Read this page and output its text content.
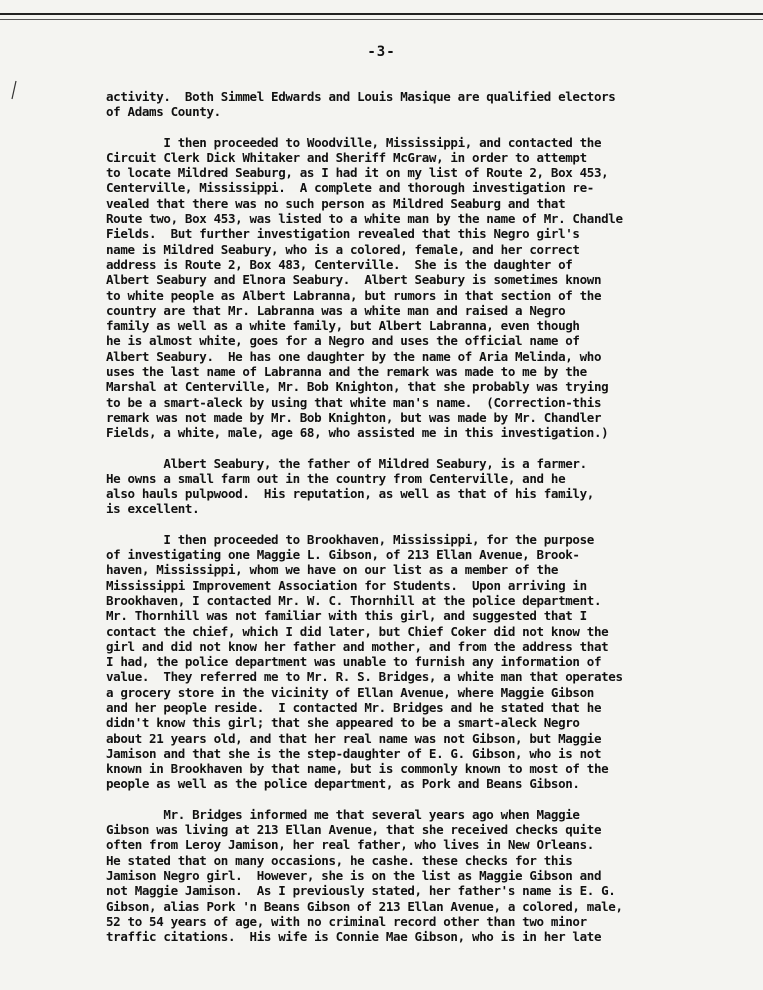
-3-
activity.  Both Simmel Edwards and Louis Masique are qualified electors
of Adams County.
I then proceeded to Woodville, Mississippi, and contacted the
Circuit Clerk Dick Whitaker and Sheriff McGraw, in order to attempt
to locate Mildred Seaburg, as I had it on my list of Route 2, Box 453,
Centerville, Mississippi.  A complete and thorough investigation re-
vealed that there was no such person as Mildred Seaburg and that
Route two, Box 453, was listed to a white man by the name of Mr. Chandle
Fields.  But further investigation revealed that this Negro girl's
name is Mildred Seabury, who is a colored, female, and her correct
address is Route 2, Box 483, Centerville.  She is the daughter of
Albert Seabury and Elnora Seabury.  Albert Seabury is sometimes known
to white people as Albert Labranna, but rumors in that section of the
country are that Mr. Labranna was a white man and raised a Negro
family as well as a white family, but Albert Labranna, even though
he is almost white, goes for a Negro and uses the official name of
Albert Seabury.  He has one daughter by the name of Aria Melinda, who
uses the last name of Labranna and the remark was made to me by the
Marshal at Centerville, Mr. Bob Knighton, that she probably was trying
to be a smart-aleck by using that white man's name.  (Correction-this
remark was not made by Mr. Bob Knighton, but was made by Mr. Chandler
Fields, a white, male, age 68, who assisted me in this investigation.)
Albert Seabury, the father of Mildred Seabury, is a farmer.
He owns a small farm out in the country from Centerville, and he
also hauls pulpwood.  His reputation, as well as that of his family,
is excellent.
I then proceeded to Brookhaven, Mississippi, for the purpose
of investigating one Maggie L. Gibson, of 213 Ellan Avenue, Brook-
haven, Mississippi, whom we have on our list as a member of the
Mississippi Improvement Association for Students.  Upon arriving in
Brookhaven, I contacted Mr. W. C. Thornhill at the police department.
Mr. Thornhill was not familiar with this girl, and suggested that I
contact the chief, which I did later, but Chief Coker did not know the
girl and did not know her father and mother, and from the address that
I had, the police department was unable to furnish any information of
value.  They referred me to Mr. R. S. Bridges, a white man that operates
a grocery store in the vicinity of Ellan Avenue, where Maggie Gibson
and her people reside.  I contacted Mr. Bridges and he stated that he
didn't know this girl; that she appeared to be a smart-aleck Negro
about 21 years old, and that her real name was not Gibson, but Maggie
Jamison and that she is the step-daughter of E. G. Gibson, who is not
known in Brookhaven by that name, but is commonly known to most of the
people as well as the police department, as Pork and Beans Gibson.
Mr. Bridges informed me that several years ago when Maggie
Gibson was living at 213 Ellan Avenue, that she received checks quite
often from Leroy Jamison, her real father, who lives in New Orleans.
He stated that on many occasions, he cashe. these checks for this
Jamison Negro girl.  However, she is on the list as Maggie Gibson and
not Maggie Jamison.  As I previously stated, her father's name is E. G.
Gibson, alias Pork 'n Beans Gibson of 213 Ellan Avenue, a colored, male,
52 to 54 years of age, with no criminal record other than two minor
traffic citations.  His wife is Connie Mae Gibson, who is in her late
